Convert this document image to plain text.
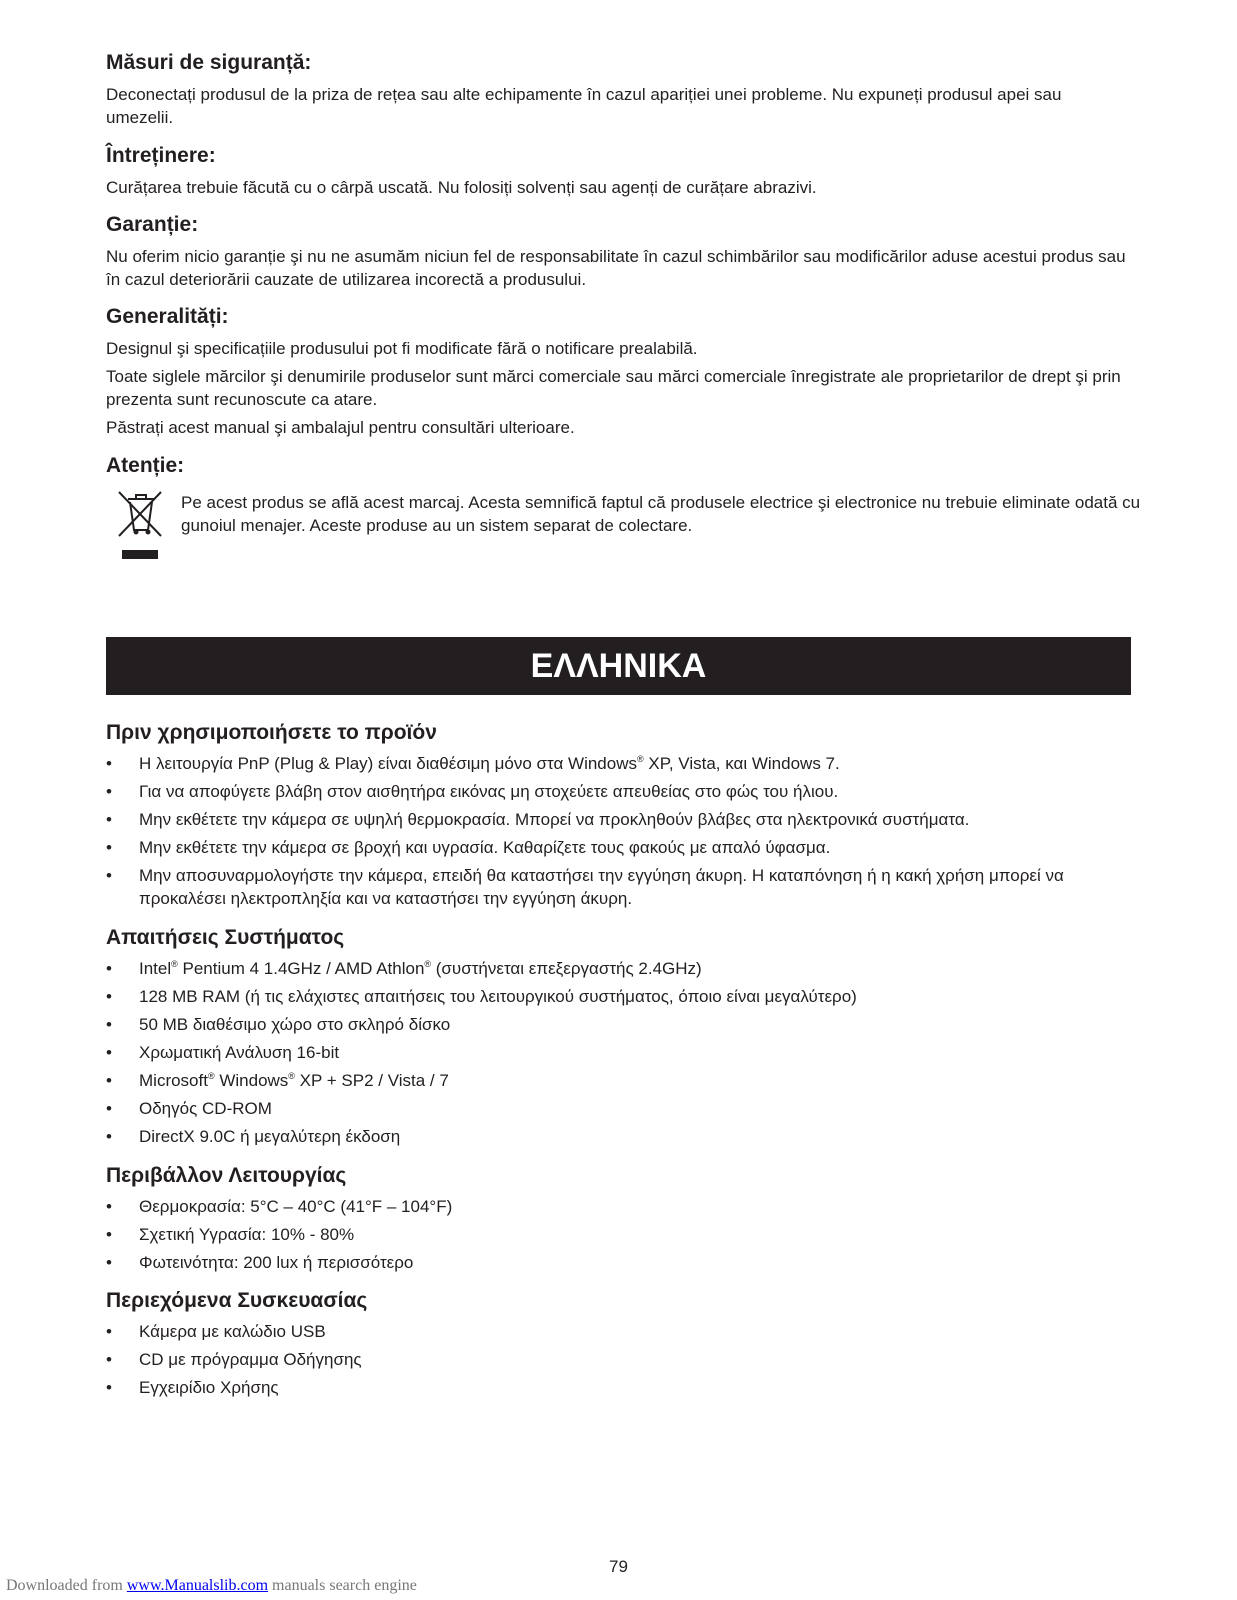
Măsuri de siguranță:

Deconectați produsul de la priza de rețea sau alte echipamente în cazul apariției unei probleme. Nu expuneți produsul apei sau umezelii.

Întreținere:

Curățarea trebuie făcută cu o cârpă uscată. Nu folosiți solvenți sau agenți de curățare abrazivi.

Garanție:

Nu oferim nicio garanție şi nu ne asumăm niciun fel de responsabilitate în cazul schimbărilor sau modificărilor aduse acestui produs sau în cazul deteriorării cauzate de utilizarea incorectă a produsului.

Generalități:

Designul şi specificațiile produsului pot fi modificate fără o notificare prealabilă.

Toate siglele mărcilor şi denumirile produselor sunt mărci comerciale sau mărci comerciale înregistrate ale proprietarilor de drept şi prin prezenta sunt recunoscute ca atare.

Păstrați acest manual şi ambalajul pentru consultări ulterioare.

Atenție:

Pe acest produs se află acest marcaj. Acesta semnifică faptul că produsele electrice şi electronice nu trebuie eliminate odată cu gunoiul menajer. Aceste produse au un sistem separat de colectare.

ΕΛΛΗΝΙΚΑ
Πριν χρησιμοποιήσετε το προϊόν
• Η λειτουργία PnP (Plug & Play) είναι διαθέσιμη μόνο στα Windows® XP, Vista, και Windows 7.
• Για να αποφύγετε βλάβη στον αισθητήρα εικόνας μη στοχεύετε απευθείας στο φώς του ήλιου.
• Μην εκθέτετε την κάμερα σε υψηλή θερμοκρασία. Μπορεί να προκληθούν βλάβες στα ηλεκτρονικά συστήματα.
• Μην εκθέτετε την κάμερα σε βροχή και υγρασία. Καθαρίζετε τους φακούς με απαλό ύφασμα.
• Μην αποσυναρμολογήστε την κάμερα, επειδή θα καταστήσει την εγγύηση άκυρη. Η καταπόνηση ή η κακή χρήση μπορεί να προκαλέσει ηλεκτροπληξία και να καταστήσει την εγγύηση άκυρη.
Απαιτήσεις Συστήματος
• Intel® Pentium 4 1.4GHz / AMD Athlon® (συστήνεται επεξεργαστής 2.4GHz)
• 128 MB RAM (ή τις ελάχιστες απαιτήσεις του λειτουργικού συστήματος, όποιο είναι μεγαλύτερο)
• 50 MB διαθέσιμο χώρο στο σκληρό δίσκο
• Χρωματική Ανάλυση 16-bit
• Microsoft® Windows® XP + SP2 / Vista / 7
• Οδηγός CD-ROM
• DirectX 9.0C ή μεγαλύτερη έκδοση
Περιβάλλον Λειτουργίας
• Θερμοκρασία: 5°C – 40°C (41°F – 104°F)
• Σχετική Υγρασία: 10% - 80%
• Φωτεινότητα: 200 lux ή περισσότερο
Περιεχόμενα Συσκευασίας
• Κάμερα με καλώδιο USB
• CD με πρόγραμμα Οδήγησης
• Εγχειρίδιο Χρήσης
79
Downloaded from www.Manualslib.com manuals search engine
